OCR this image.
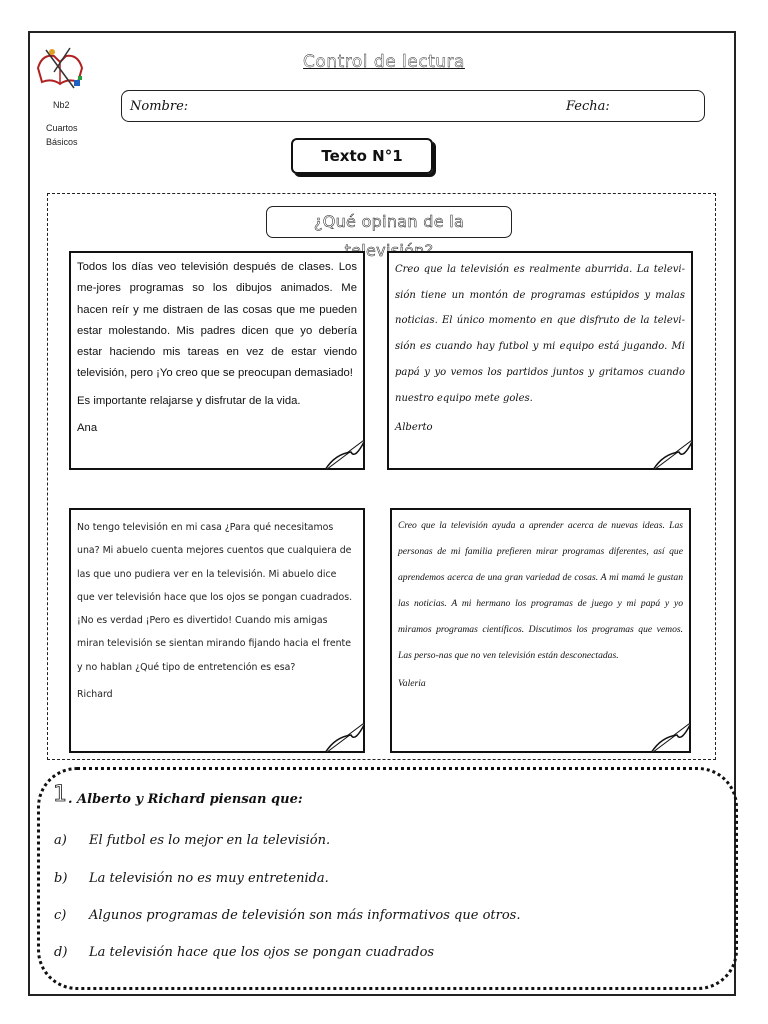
Nb2
Cuartos
Básicos
Control de lectura
Nombre:	Fecha:
Texto N°1
¿Qué opinan de la

Todos los días veo televisión después de clases. Los me-jores programas so los dibujos animados. Me hacen reír y me distraen de las cosas que me pueden estar molestando. Mis padres dicen que yo debería estar haciendo mis tareas en vez de estar viendo televisión, pero ¡Yo creo que se preocupan demasiado!

Es importante relajarse y disfrutar de la vida.

Ana

Creo que la televisión es realmente aburrida. La televi-sión tiene un montón de programas estúpidos y malas noticias. El único momento en que disfruto de la televi-sión es cuando hay futbol y mi equipo está jugando. Mi papá y yo vemos los partidos juntos y gritamos cuando nuestro equipo mete goles.

Alberto

No tengo televisión en mi casa ¿Para qué necesitamos una? Mi abuelo cuenta mejores cuentos que cualquiera de las que uno pudiera ver en la televisión. Mi abuelo dice que ver televisión hace que los ojos se pongan cuadrados. ¡No es verdad ¡Pero es divertido! Cuando mis amigas miran televisión se sientan mirando fijando hacia el frente y no hablan ¿Qué tipo de entretención es esa?

Richard

Creo que la televisión ayuda a aprender acerca de nuevas ideas. Las personas de mi familia prefieren mirar programas diferentes, así que aprendemos acerca de una gran variedad de cosas. A mi mamá le gustan las noticias. A mi hermano los programas de juego y mi papá y yo miramos programas científicos. Discutimos los programas que vemos. Las perso-nas que no ven televisión están desconectadas.

Valeria

1 . Alberto y Richard piensan que:
a) El futbol es lo mejor en la televisión.
b) La televisión no es muy entretenida.
c) Algunos programas de televisión son más informativos que otros.
d) La televisión hace que los ojos se pongan cuadrados
